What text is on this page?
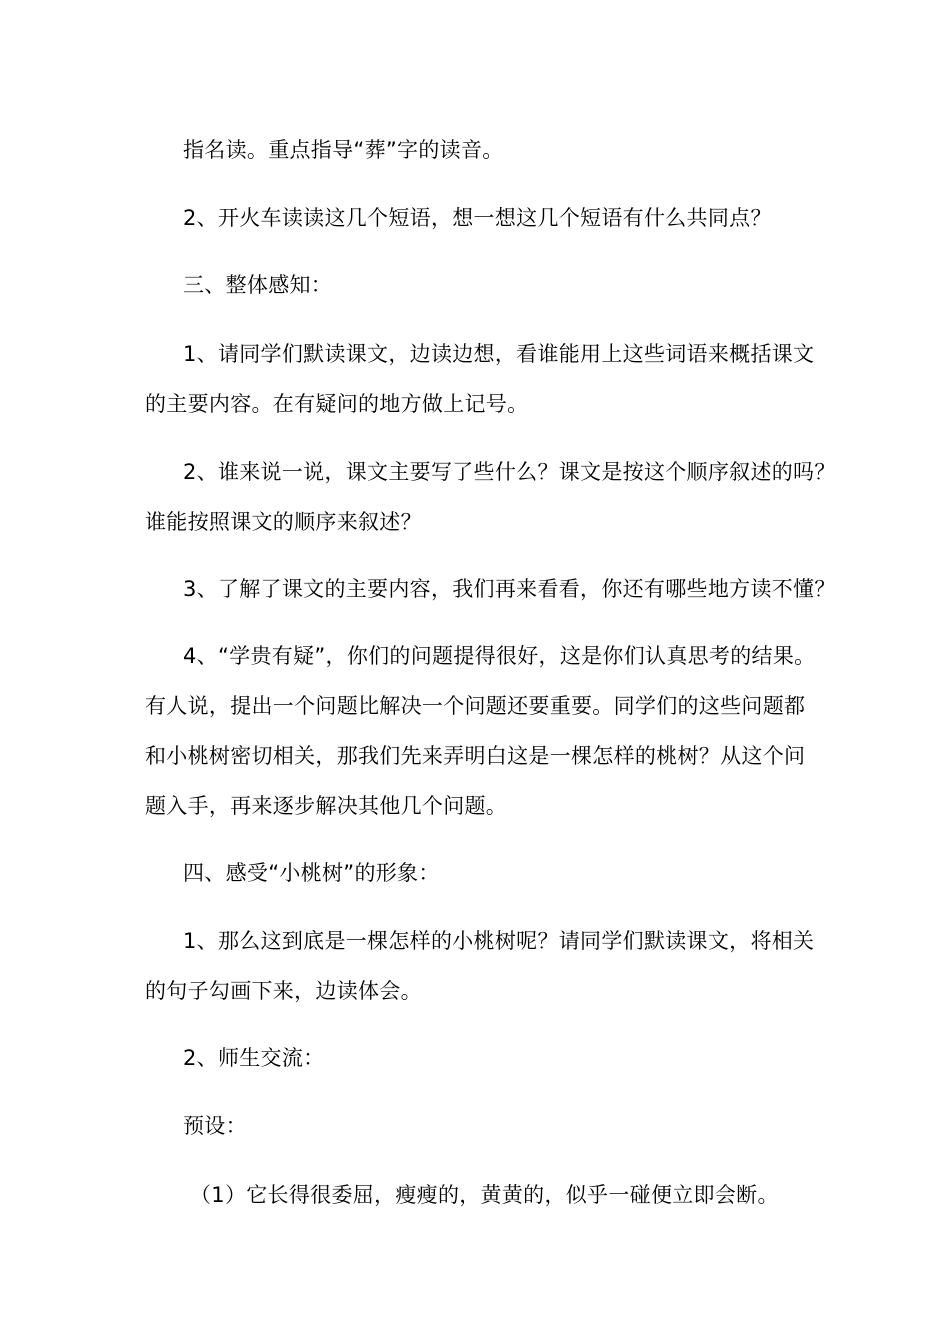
指名读。重点指导“葬”字的读音。
2、开火车读读这几个短语，想一想这几个短语有什么共同点？
三、整体感知：
1、请同学们默读课文，边读边想，看谁能用上这些词语来概括课文
的主要内容。在有疑问的地方做上记号。
2、谁来说一说，课文主要写了些什么？课文是按这个顺序叙述的吗？
谁能按照课文的顺序来叙述？
3、了解了课文的主要内容，我们再来看看，你还有哪些地方读不懂？
4、“学贵有疑”，你们的问题提得很好，这是你们认真思考的结果。
有人说，提出一个问题比解决一个问题还要重要。同学们的这些问题都
和小桃树密切相关，那我们先来弄明白这是一棵怎样的桃树？从这个问
题入手，再来逐步解决其他几个问题。
四、感受“小桃树”的形象：
1、那么这到底是一棵怎样的小桃树呢？请同学们默读课文，将相关
的句子勾画下来，边读体会。
2、师生交流：
预设：
（1）它长得很委屈，瘦瘦的，黄黄的，似乎一碰便立即会断。
